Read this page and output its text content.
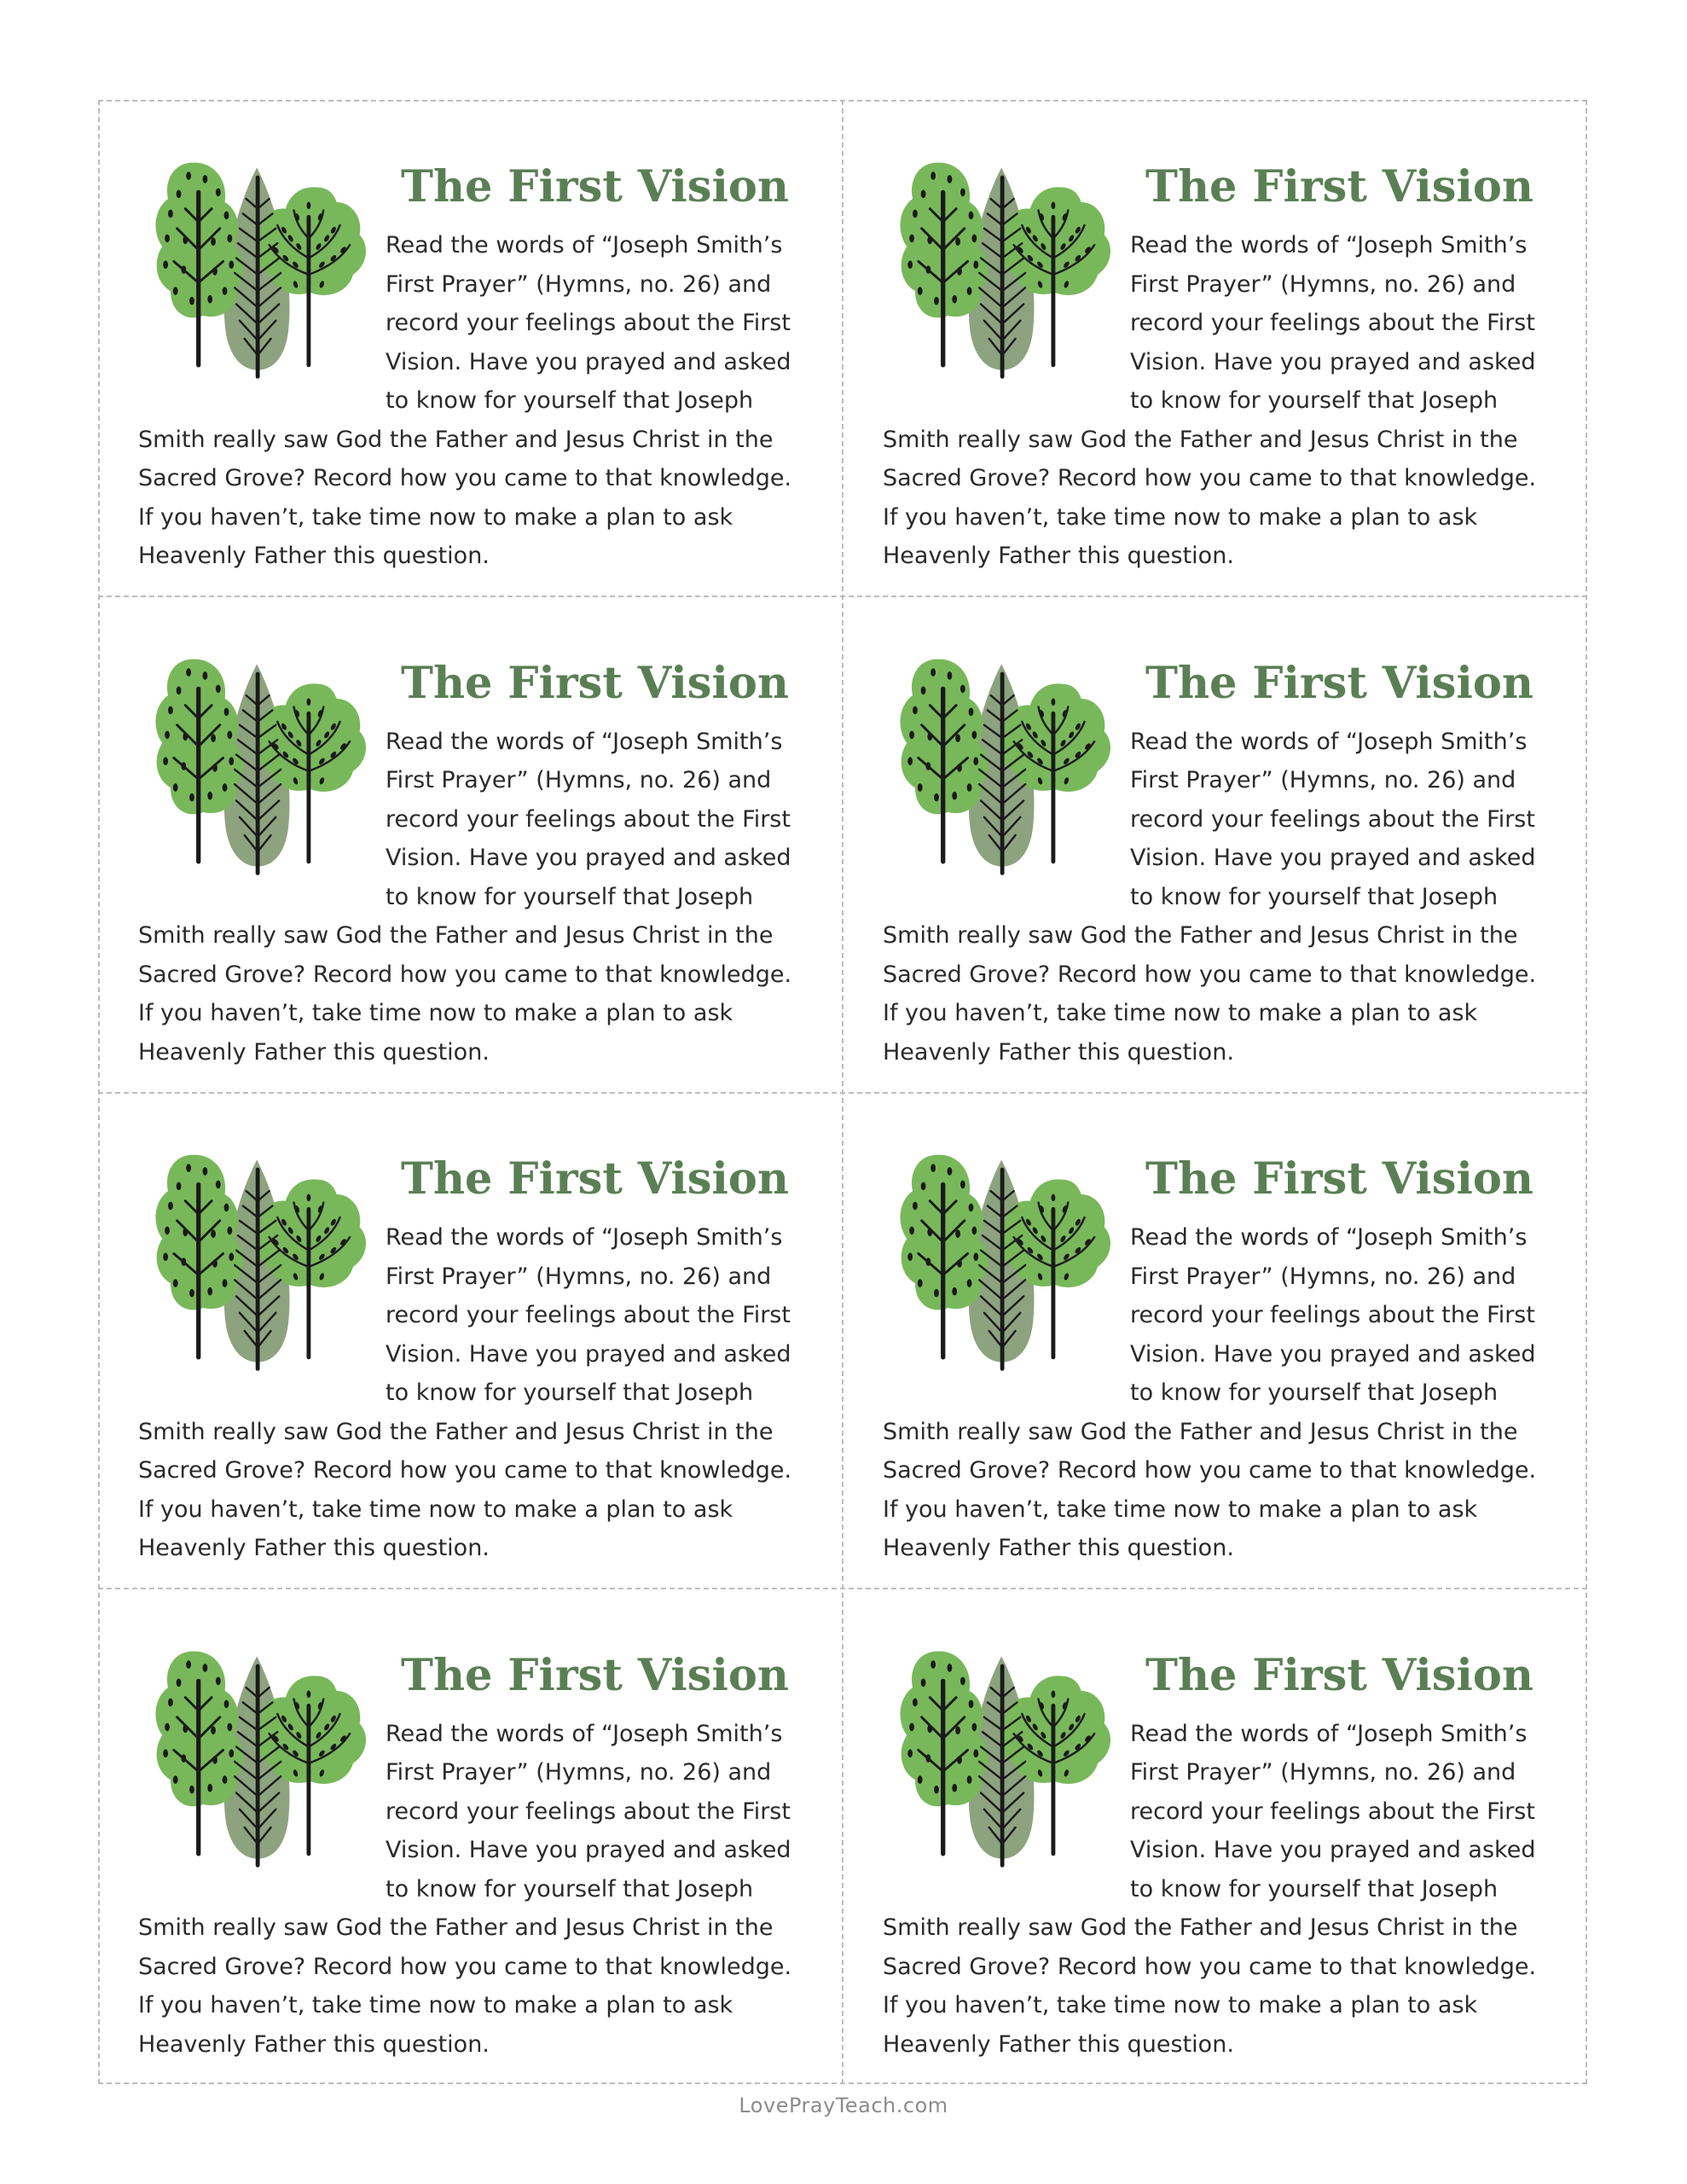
The First Vision

Read the words of “Joseph Smith’s First Prayer” (Hymns, no. 26) and record your feelings about the First Vision. Have you prayed and asked to know for yourself that Joseph Smith really saw God the Father and Jesus Christ in the Sacred Grove? Record how you came to that knowledge. If you haven’t, take time now to make a plan to ask Heavenly Father this question.

The First Vision

Read the words of “Joseph Smith’s First Prayer” (Hymns, no. 26) and record your feelings about the First Vision. Have you prayed and asked to know for yourself that Joseph Smith really saw God the Father and Jesus Christ in the Sacred Grove? Record how you came to that knowledge. If you haven’t, take time now to make a plan to ask Heavenly Father this question.

The First Vision

Read the words of “Joseph Smith’s First Prayer” (Hymns, no. 26) and record your feelings about the First Vision. Have you prayed and asked to know for yourself that Joseph Smith really saw God the Father and Jesus Christ in the Sacred Grove? Record how you came to that knowledge. If you haven’t, take time now to make a plan to ask Heavenly Father this question.

The First Vision

Read the words of “Joseph Smith’s First Prayer” (Hymns, no. 26) and record your feelings about the First Vision. Have you prayed and asked to know for yourself that Joseph Smith really saw God the Father and Jesus Christ in the Sacred Grove? Record how you came to that knowledge. If you haven’t, take time now to make a plan to ask Heavenly Father this question.

The First Vision

Read the words of “Joseph Smith’s First Prayer” (Hymns, no. 26) and record your feelings about the First Vision. Have you prayed and asked to know for yourself that Joseph Smith really saw God the Father and Jesus Christ in the Sacred Grove? Record how you came to that knowledge. If you haven’t, take time now to make a plan to ask Heavenly Father this question.

The First Vision

Read the words of “Joseph Smith’s First Prayer” (Hymns, no. 26) and record your feelings about the First Vision. Have you prayed and asked to know for yourself that Joseph Smith really saw God the Father and Jesus Christ in the Sacred Grove? Record how you came to that knowledge. If you haven’t, take time now to make a plan to ask Heavenly Father this question.

The First Vision

Read the words of “Joseph Smith’s First Prayer” (Hymns, no. 26) and record your feelings about the First Vision. Have you prayed and asked to know for yourself that Joseph Smith really saw God the Father and Jesus Christ in the Sacred Grove? Record how you came to that knowledge. If you haven’t, take time now to make a plan to ask Heavenly Father this question.

The First Vision

Read the words of “Joseph Smith’s First Prayer” (Hymns, no. 26) and record your feelings about the First Vision. Have you prayed and asked to know for yourself that Joseph Smith really saw God the Father and Jesus Christ in the Sacred Grove? Record how you came to that knowledge. If you haven’t, take time now to make a plan to ask Heavenly Father this question.

LovePrayTeach.com
